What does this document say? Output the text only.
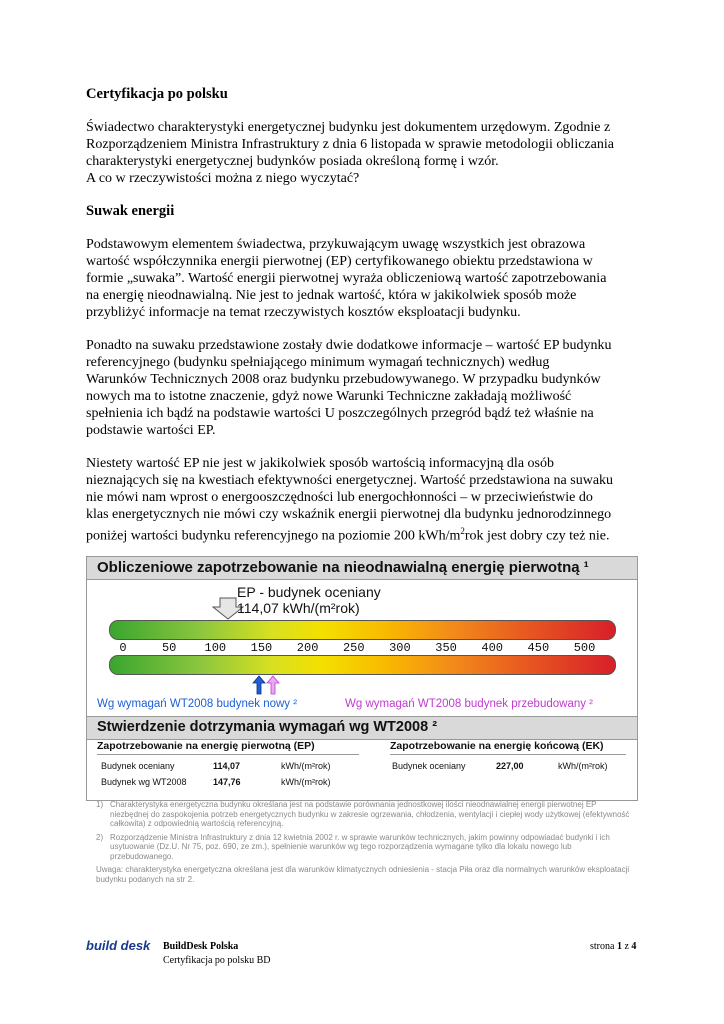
Certyfikacja po polsku
Świadectwo charakterystyki energetycznej budynku jest dokumentem urzędowym. Zgodnie z
Rozporządzeniem Ministra Infrastruktury z dnia 6 listopada w sprawie metodologii obliczania
charakterystyki energetycznej budynków posiada określoną formę i wzór.
A co w rzeczywistości można z niego wyczytać?
Suwak energii
Podstawowym elementem świadectwa, przykuwającym uwagę wszystkich jest obrazowa
wartość współczynnika energii pierwotnej (EP) certyfikowanego obiektu przedstawiona w
formie „suwaka”. Wartość energii pierwotnej wyraża obliczeniową wartość zapotrzebowania
na energię nieodnawialną. Nie jest to jednak wartość, która w jakikolwiek sposób może
przybliżyć informacje na temat rzeczywistych kosztów eksploatacji budynku.
Ponadto na suwaku przedstawione zostały dwie dodatkowe informacje – wartość EP budynku
referencyjnego (budynku spełniającego minimum wymagań technicznych) według
Warunków Technicznych 2008 oraz budynku przebudowywanego. W przypadku budynków
nowych ma to istotne znaczenie, gdyż nowe Warunki Techniczne zakładają możliwość
spełnienia ich bądź na podstawie wartości U poszczególnych przegród bądź też właśnie na
podstawie wartości EP.
Niestety wartość EP nie jest w jakikolwiek sposób wartością informacyjną dla osób
nieznających się na kwestiach efektywności energetycznej. Wartość przedstawiona na suwaku
nie mówi nam wprost o energooszczędności lub energochłonności – w przeciwieństwie do
klas energetycznych nie mówi czy wskaźnik energii pierwotnej dla budynku jednorodzinnego
poniżej wartości budynku referencyjnego na poziomie 200 kWh/$m^2rok$ jest dobry czy też nie.
Obliczeniowe zapotrzebowanie na nieodnawialną energię pierwotną ¹
EP - budynek oceniany
114,07 kWh/(m²rok)
0	50 100 150 200 250 300 350 400 450 500
Wg wymagań WT2008 budynek nowy ²	Wg wymagań WT2008 budynek przebudowany ²
Stwierdzenie dotrzymania wymagań wg WT2008 ²
Zapotrzebowanie na energię pierwotną (EP)	Zapotrzebowanie na energię końcową (EK)
Budynek oceniany	114,07	kWh/(m²rok)
Budynek wg WT2008	147,76	kWh/(m²rok)
Budynek oceniany	227,00	kWh/(m²rok)
1) Charakterystyka energetyczna budynku określana jest na podstawie porównania jednostkowej ilości nieodnawialnej energii pierwotnej EP niezbędnej do zaspokojenia potrzeb energetycznych budynku w zakresie ogrzewania, chłodzenia, wentylacji i ciepłej wody użytkowej (efektywność całkowita) z odpowiednią wartością referencyjną.
2) Rozporządzenie Ministra Infrastruktury z dnia 12 kwietnia 2002 r. w sprawie warunków technicznych, jakim powinny odpowiadać budynki i ich usytuowanie (Dz.U. Nr 75, poz. 690, ze zm.), spełnienie warunków wg tego rozporządzenia wymagane tylko dla lokalu nowego lub przebudowanego.
Uwaga: charakterystyka energetyczna określana jest dla warunków klimatycznych odniesienia - stacja Piła oraz dla normalnych warunków eksploatacji budynku podanych na str 2.
build desk BuildDesk Polska
Certyfikacja po polsku BD
strona 1 z 4
